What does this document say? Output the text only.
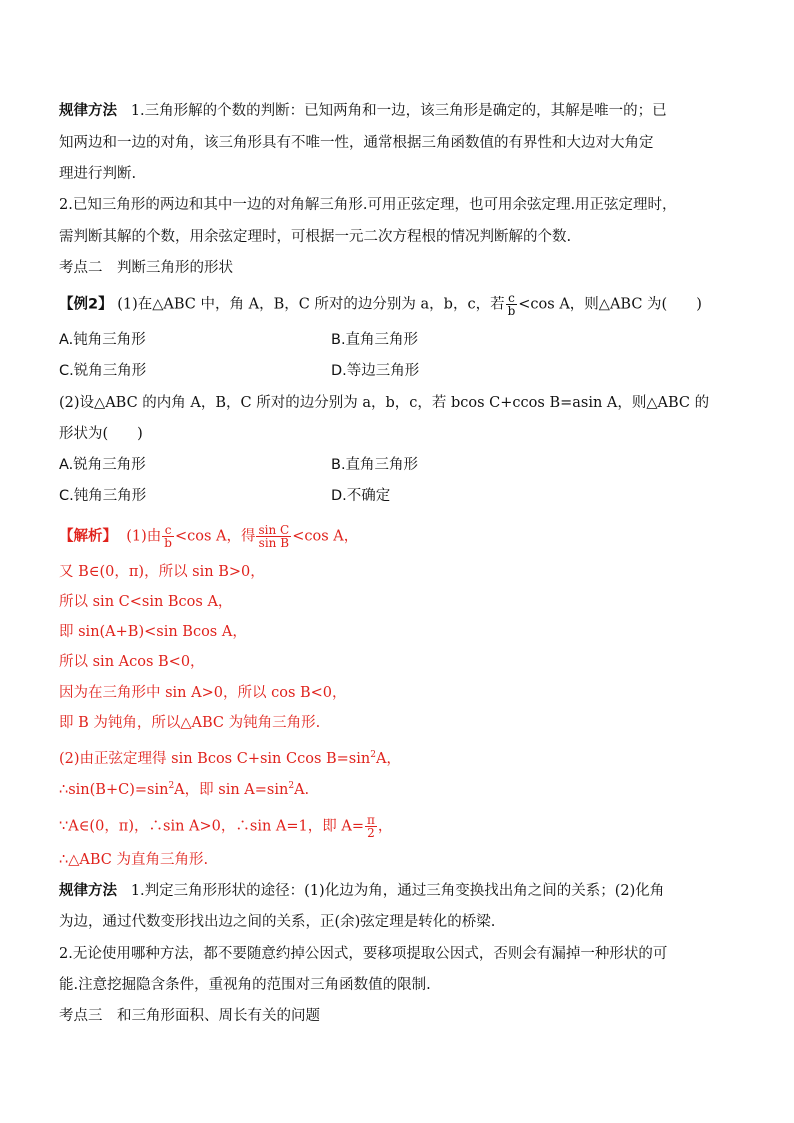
规律方法 1.三角形解的个数的判断：已知两角和一边，该三角形是确定的，其解是唯一的；已
知两边和一边的对角，该三角形具有不唯一性，通常根据三角函数值的有界性和大边对大角定
理进行判断.
2.已知三角形的两边和其中一边的对角解三角形.可用正弦定理，也可用余弦定理.用正弦定理时，
需判断其解的个数，用余弦定理时，可根据一元二次方程根的情况判断解的个数.
考点二　判断三角形的形状
【例2】 (1)在△ABC 中，角 A，B，C 所对的边分别为 a，b，c，若 $\frac{c}{b} <\cos$ A，则△ABC 为(　　)
A.钝角三角形	B.直角三角形
C.锐角三角形	D.等边三角形
(2)设△ABC 的内角 A，B，C 所对的边分别为 a，b，c，若 bcos C+ccos B=asin A，则△ABC 的
形状为(　　)
A.锐角三角形	B.直角三角形
C.钝角三角形	D.不确定
【解析】 (1)由 $\frac{c}{b} <\cos$ A，得 $\frac{\text{sin C}}{\text{sin B}} <\cos$ A，
又 B∈(0，π)，所以 sin B>0，
所以 sin C<sin Bcos A，
即 sin(A+B)<sin Bcos A，
所以 sin Acos B<0，
因为在三角形中 sin A>0，所以 cos B<0，
即 B 为钝角，所以△ABC 为钝角三角形.
(2)由正弦定理得 sin Bcos C+sin Ccos $B=\sin^2A$，
$\therefore\sin(B+C)=\sin^2A$，即 $\sin A=\sin^2A$.
∵A∈(0，π)，∴sin A>0，∴sin A=1，即 $A= \frac{\pi}{2}$ ，
∴△ABC 为直角三角形.
规律方法 1.判定三角形形状的途径：(1)化边为角，通过三角变换找出角之间的关系；(2)化角
为边，通过代数变形找出边之间的关系，正(余)弦定理是转化的桥梁.
2.无论使用哪种方法，都不要随意约掉公因式，要移项提取公因式，否则会有漏掉一种形状的可
能.注意挖掘隐含条件，重视角的范围对三角函数值的限制.
考点三　和三角形面积、周长有关的问题
